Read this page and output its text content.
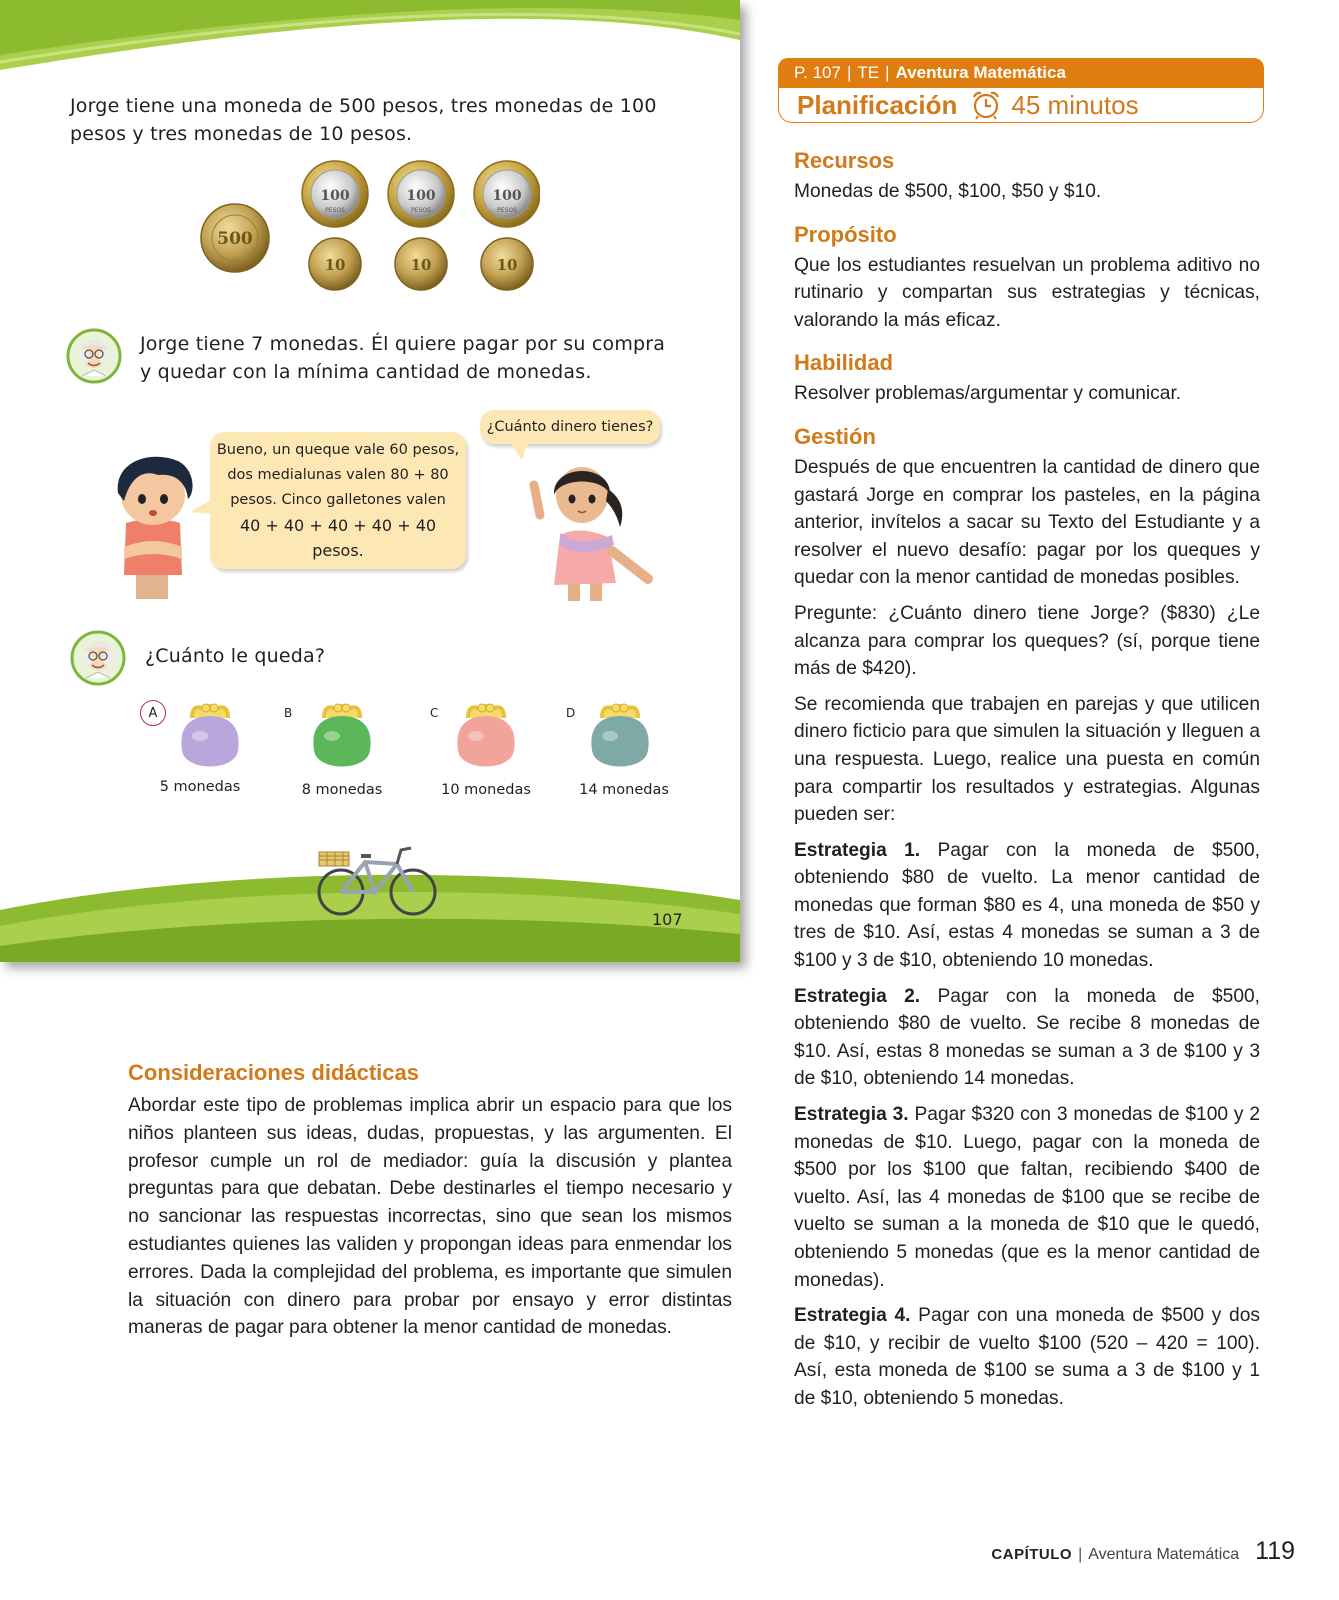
Jorge tiene una moneda de 500 pesos, tres monedas de 100 pesos y tres monedas de 10 pesos.
500
100
PESOS
100
PESOS
100
PESOS
10	10	10
Jorge tiene 7 monedas. Él quiere pagar por su compra y quedar con la mínima cantidad de monedas.
¿Cuánto dinero tienes?
Bueno, un queque vale 60 pesos,
dos medialunas valen 80 + 80
pesos. Cinco galletones valen
40 + 40 + 40 + 40 + 40 pesos.
¿Cuánto le queda?
A
5 monedas
B
8 monedas
C
10 monedas
D
14 monedas
107
Consideraciones didácticas

Abordar este tipo de problemas implica abrir un espacio para que los niños planteen sus ideas, dudas, propuestas, y las argumenten. El profesor cumple un rol de mediador: guía la discusión y plantea preguntas para que debatan. Debe destinarles el tiempo necesario y no sancionar las respuestas incorrectas, sino que sean los mismos estudiantes quienes las validen y propongan ideas para enmendar los errores. Dada la complejidad del problema, es importante que simulen la situación con dinero para probar por ensayo y error distintas maneras de pagar para obtener la menor cantidad de monedas.

P. 107 | TE | Aventura Matemática
Planificación 45 minutos
Recursos

Monedas de $500, $100, $50 y $10.

Propósito

Que los estudiantes resuelvan un problema aditivo no rutinario y compartan sus estrategias y técnicas, valorando la más eficaz.

Habilidad

Resolver problemas/argumentar y comunicar.

Gestión

Después de que encuentren la cantidad de dinero que gastará Jorge en comprar los pasteles, en la página anterior, invítelos a sacar su Texto del Estudiante y a resolver el nuevo desafío: pagar por los queques y quedar con la menor cantidad de monedas posibles.

Pregunte: ¿Cuánto dinero tiene Jorge? ($830) ¿Le alcanza para comprar los queques? (sí, porque tiene más de $420).

Se recomienda que trabajen en parejas y que utilicen dinero ficticio para que simulen la situación y lleguen a una respuesta. Luego, realice una puesta en común para compartir los resultados y estrategias. Algunas pueden ser:

Estrategia 1. Pagar con la moneda de $500, obteniendo $80 de vuelto. La menor cantidad de monedas que forman $80 es 4, una moneda de $50 y tres de $10. Así, estas 4 monedas se suman a 3 de $100 y 3 de $10, obteniendo 10 monedas.

Estrategia 2. Pagar con la moneda de $500, obteniendo $80 de vuelto. Se recibe 8 monedas de $10. Así, estas 8 monedas se suman a 3 de $100 y 3 de $10, obteniendo 14 monedas.

Estrategia 3. Pagar $320 con 3 monedas de $100 y 2 monedas de $10. Luego, pagar con la moneda de $500 por los $100 que faltan, recibiendo $400 de vuelto. Así, las 4 monedas de $100 que se recibe de vuelto se suman a la moneda de $10 que le quedó, obteniendo 5 monedas (que es la menor cantidad de monedas).

Estrategia 4. Pagar con una moneda de $500 y dos de $10, y recibir de vuelto $100 (520 – 420 = 100). Así, esta moneda de $100 se suma a 3 de $100 y 1 de $10, obteniendo 5 monedas.

CAPÍTULO | Aventura Matemática 119
